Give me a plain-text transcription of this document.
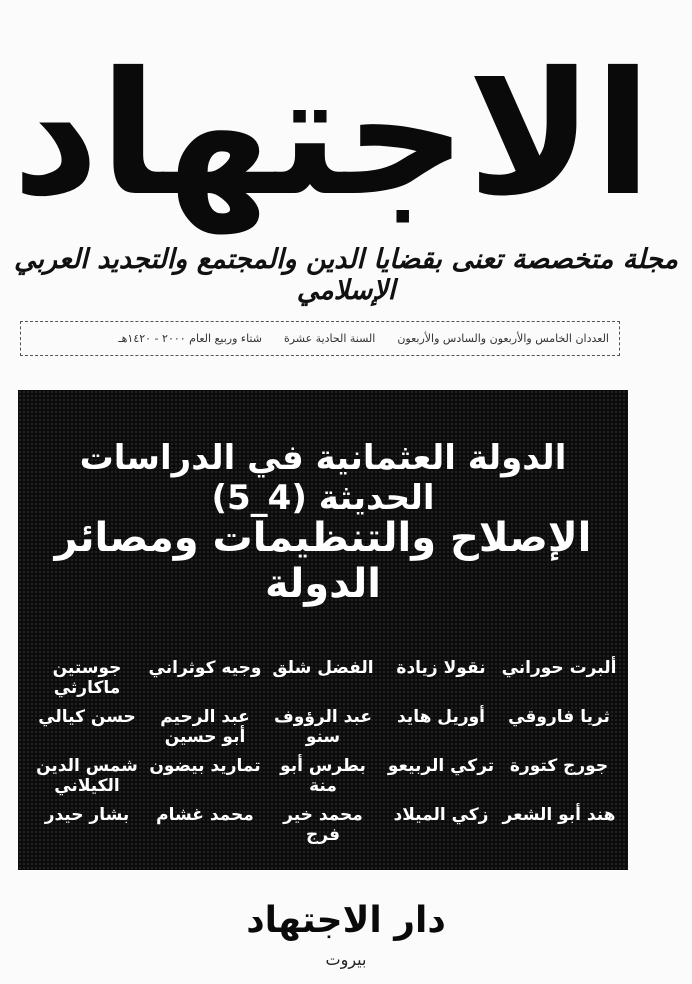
الاجتهاد
مجلة متخصصة تعنى بقضايا الدين والمجتمع والتجديد العربي الإسلامي
العددان الخامس والأربعون والسادس والأربعون
السنة الحادية عشرة
شتاء وربيع العام ٢٠٠٠ - ١٤٢٠هـ
الدولة العثمانية في الدراسات الحديثة (4_5)
الإصلاح والتنظيمات ومصائر الدولة
ألبرت حوراني
نقولا زيادة
الفضل شلق
وجيه كوثراني
جوستين ماكارثي
ثريا فاروقي
أوريل هايد
عبد الرؤوف سنو
عبد الرحيم أبو حسين
حسن كيالي
جورج كتورة
تركي الربيعو
بطرس أبو منة
تماريد بيضون
شمس الدين الكيلاني
هند أبو الشعر
زكي الميلاد
محمد خير فرج
محمد غشام
بشار حيدر
دار الاجتهاد
بيروت
